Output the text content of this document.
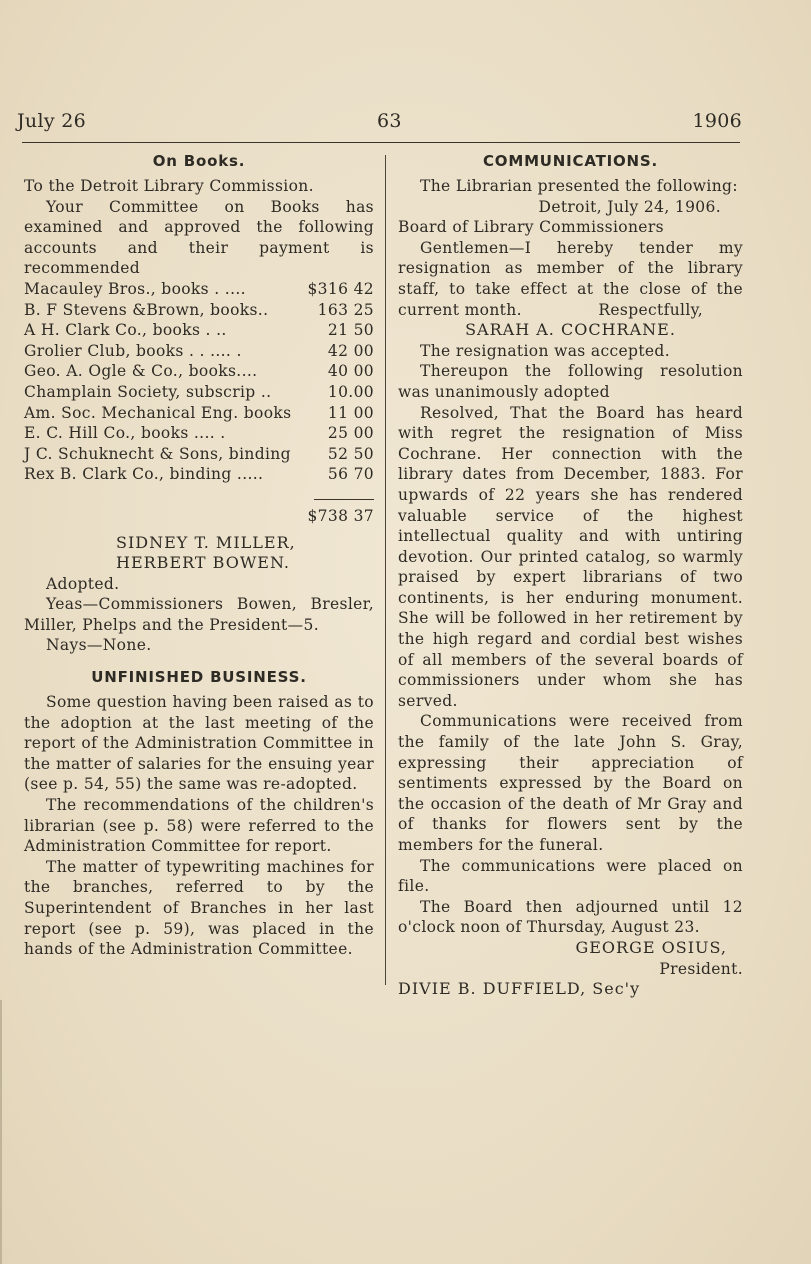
July 26	63	1906
On Books.

To the Detroit Library Commission.

Your Committee on Books has examined and approved the following accounts and their payment is recommended

Macauley Bros., books . ....	$316 42
B. F Stevens &Brown, books..	163 25
A H. Clark Co., books . ..	21 50
Grolier Club, books . . .... .	42 00
Geo. A. Ogle & Co., books....	40 00
Champlain Society, subscrip ..	10.00
Am. Soc. Mechanical Eng. books	11 00
E. C. Hill Co., books .... .	25 00
J C. Schuknecht & Sons, binding	52 50
Rex B. Clark Co., binding .....	56 70

$738 37

SIDNEY T. MILLER,

HERBERT BOWEN.

Adopted.

Yeas—Commissioners Bowen, Bresler, Miller, Phelps and the President—5.

Nays—None.

UNFINISHED BUSINESS.

Some question having been raised as to the adoption at the last meeting of the report of the Administration Committee in the matter of salaries for the ensuing year (see p. 54, 55) the same was re-adopted.

The recommendations of the children's librarian (see p. 58) were referred to the Administration Committee for report.

The matter of typewriting machines for the branches, referred to by the Superintendent of Branches in her last report (see p. 59), was placed in the hands of the Administration Committee.

COMMUNICATIONS.

The Librarian presented the following:

Detroit, July 24, 1906.

Board of Library Commissioners

Gentlemen—I hereby tender my resignation as member of the library staff, to take effect at the close of the current month.	Respectfully,

SARAH A. COCHRANE.

The resignation was accepted.

Thereupon the following resolution was unanimously adopted

Resolved, That the Board has heard with regret the resignation of Miss Cochrane. Her connection with the library dates from December, 1883. For upwards of 22 years she has rendered valuable service of the highest intellectual quality and with untiring devotion. Our printed catalog, so warmly praised by expert librarians of two continents, is her enduring monument. She will be followed in her retirement by the high regard and cordial best wishes of all members of the several boards of commissioners under whom she has served.

Communications were received from the family of the late John S. Gray, expressing their appreciation of sentiments expressed by the Board on the occasion of the death of Mr Gray and of thanks for flowers sent by the members for the funeral.

The communications were placed on file.

The Board then adjourned until 12 o'clock noon of Thursday, August 23.

GEORGE OSIUS,

President.

DIVIE B. DUFFIELD, Sec'y
